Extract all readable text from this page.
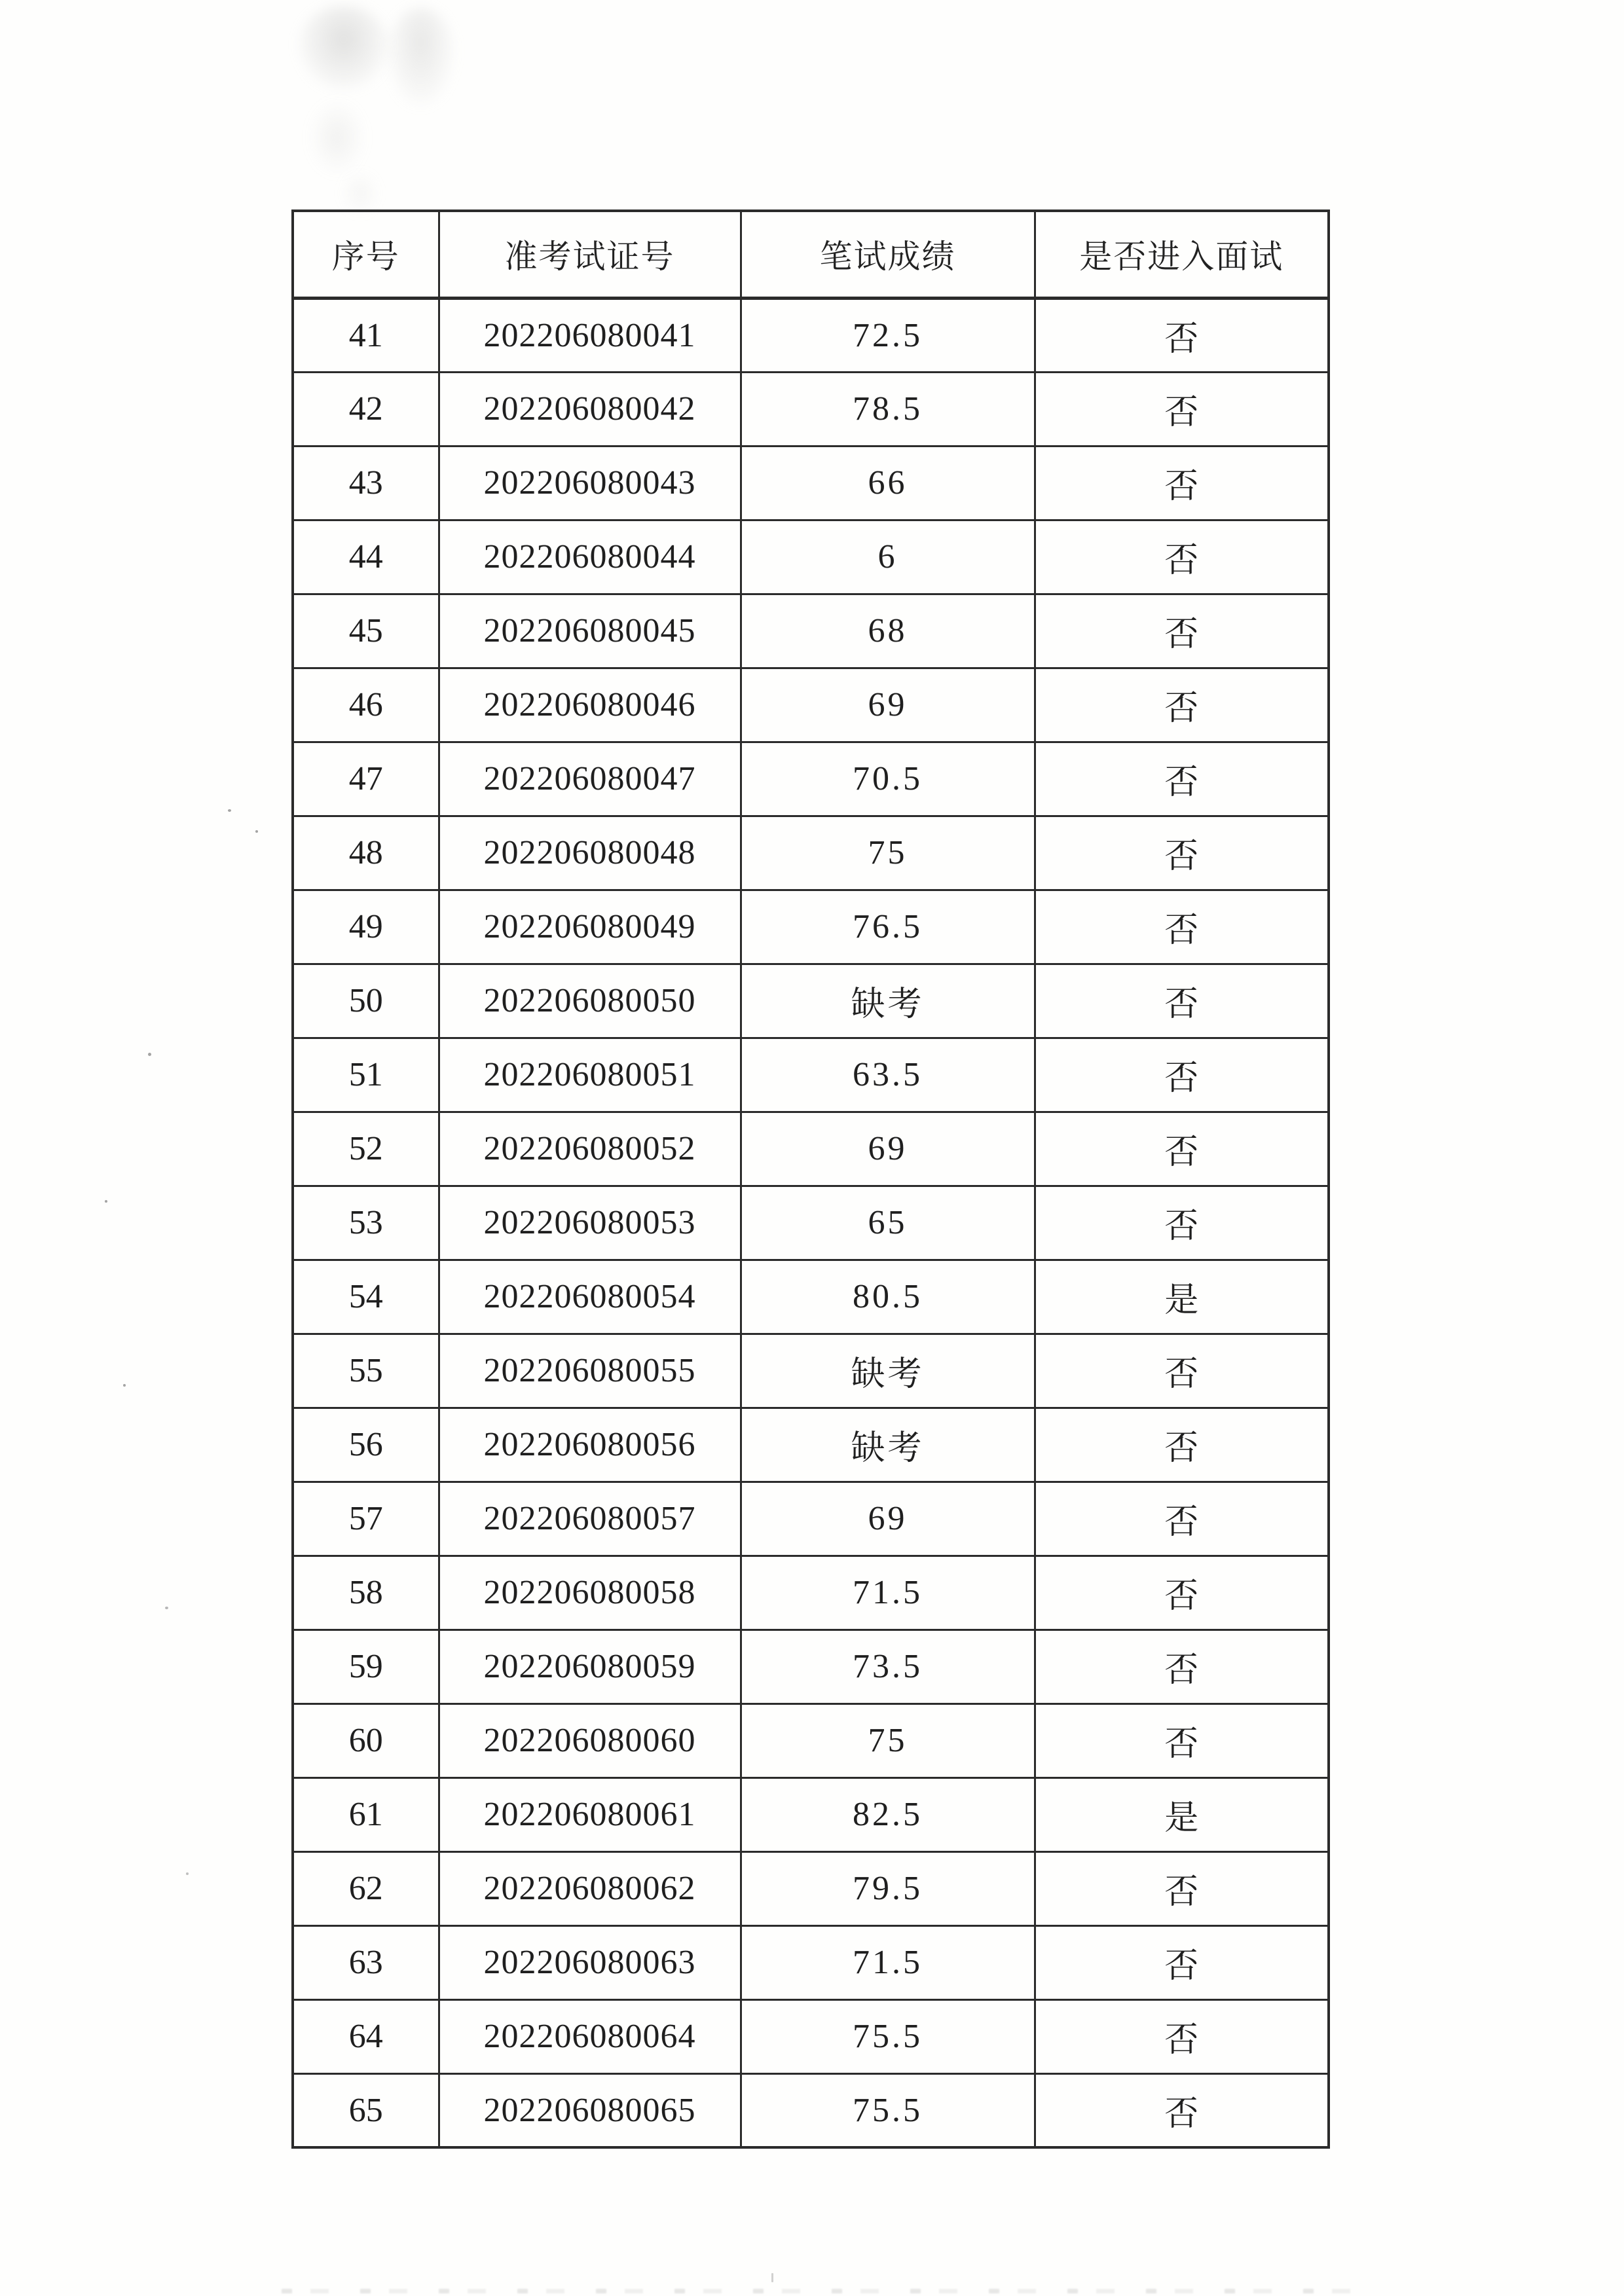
序号	准考试证号	笔试成绩	是否进入面试
41	202206080041	72.5	否
42	202206080042	78.5	否
43	202206080043	66	否
44	202206080044	6	否
45	202206080045	68	否
46	202206080046	69	否
47	202206080047	70.5	否
48	202206080048	75	否
49	202206080049	76.5	否
50	202206080050	缺考	否
51	202206080051	63.5	否
52	202206080052	69	否
53	202206080053	65	否
54	202206080054	80.5	是
55	202206080055	缺考	否
56	202206080056	缺考	否
57	202206080057	69	否
58	202206080058	71.5	否
59	202206080059	73.5	否
60	202206080060	75	否
61	202206080061	82.5	是
62	202206080062	79.5	否
63	202206080063	71.5	否
64	202206080064	75.5	否
65	202206080065	75.5	否
